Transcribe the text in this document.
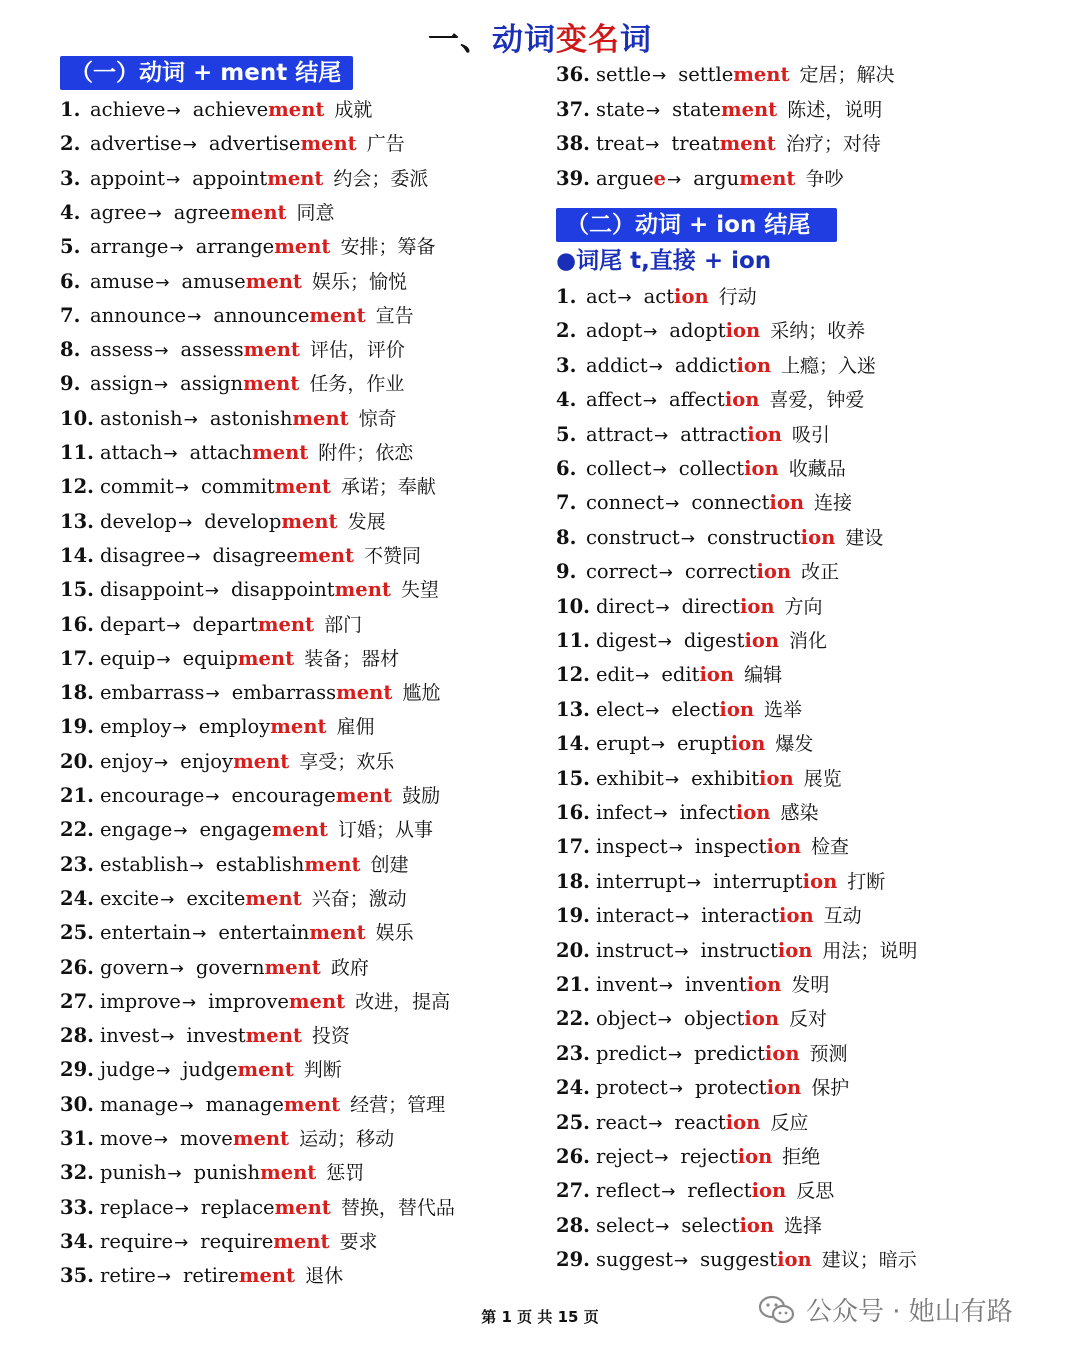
一、动词变名词
（一）动词 + ment 结尾
1. achieve→ achievement 成就
2. advertise→ advertisement 广告
3. appoint→ appointment 约会；委派
4. agree→ agreement 同意
5. arrange→ arrangement 安排；筹备
6. amuse→ amusement 娱乐；愉悦
7. announce→ announcement 宣告
8. assess→ assessment 评估，评价
9. assign→ assignment 任务，作业
10. astonish→ astonishment 惊奇
11. attach→ attachment 附件；依恋
12. commit→ commitment 承诺；奉献
13. develop→ development 发展
14. disagree→ disagreement 不赞同
15. disappoint→ disappointment 失望
16. depart→ department 部门
17. equip→ equipment 装备；器材
18. embarrass→ embarrassment 尴尬
19. employ→ employment 雇佣
20. enjoy→ enjoyment 享受；欢乐
21. encourage→ encouragement 鼓励
22. engage→ engagement 订婚；从事
23. establish→ establishment 创建
24. excite→ excitement 兴奋；激动
25. entertain→ entertainment 娱乐
26. govern→ government 政府
27. improve→ improvement 改进，提高
28. invest→ investment 投资
29. judge→ judgement 判断
30. manage→ management 经营；管理
31. move→ movement 运动；移动
32. punish→ punishment 惩罚
33. replace→ replacement 替换，替代品
34. require→ requirement 要求
35. retire→ retirement 退休
36. settle→ settlement 定居；解决
37. state→ statement 陈述，说明
38. treat→ treatment 治疗；对待
39. arguee→ argument 争吵
（二）动词 + ion 结尾
●词尾 t,直接 + ion
1. act→ action 行动
2. adopt→ adoption 采纳；收养
3. addict→ addiction 上瘾；入迷
4. affect→ affection 喜爱，钟爱
5. attract→ attraction 吸引
6. collect→ collection 收藏品
7. connect→ connection 连接
8. construct→ construction 建设
9. correct→ correction 改正
10. direct→ direction 方向
11. digest→ digestion 消化
12. edit→ edition 编辑
13. elect→ election 选举
14. erupt→ eruption 爆发
15. exhibit→ exhibition 展览
16. infect→ infection 感染
17. inspect→ inspection 检查
18. interrupt→ interruption 打断
19. interact→ interaction 互动
20. instruct→ instruction 用法；说明
21. invent→ invention 发明
22. object→ objection 反对
23. predict→ prediction 预测
24. protect→ protection 保护
25. react→ reaction 反应
26. reject→ rejection 拒绝
27. reflect→ reflection 反思
28. select→ selection 选择
29. suggest→ suggestion 建议；暗示
第 1 页 共 15 页	公众号 · 她山有路
